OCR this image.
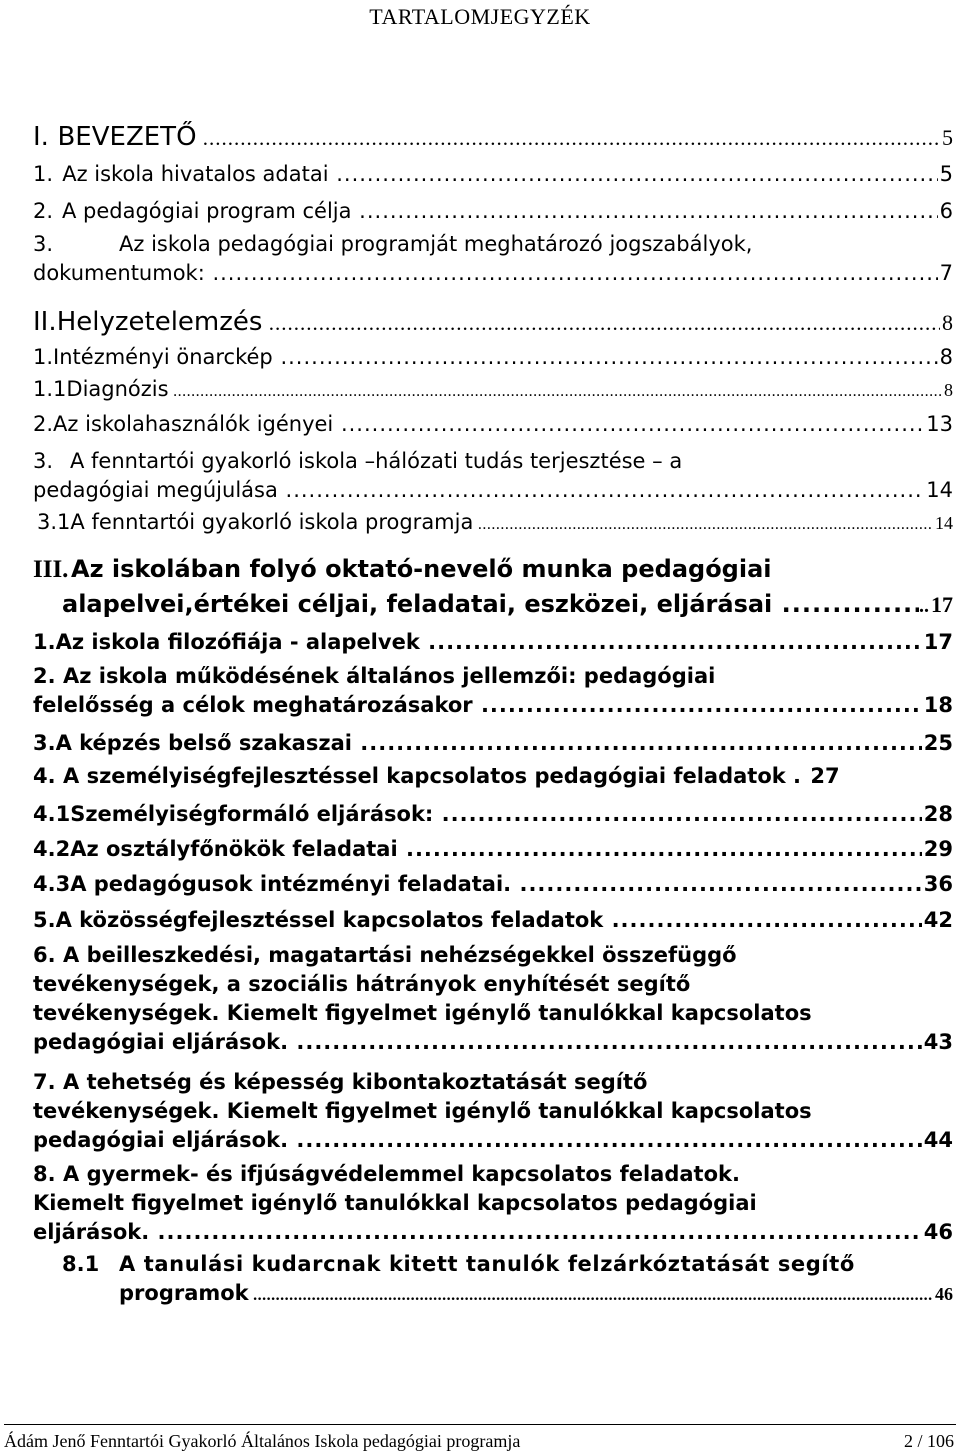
TARTALOMJEGYZÉK
I. BEVEZETŐ .....	5
1. Az iskola hivatalos adatai .....	5
2. A pedagógiai program célja .....	6
3.	Az iskola pedagógiai programját meghatározó jogszabályok,
dokumentumok: .....	7
II. Helyzetelemzés .....	8
1. Intézményi önarckép .....	8
1.1 Diagnózis .....	8
2. Az iskolahasználók igényei .....	13
3. A fenntartói gyakorló iskola –hálózati tudás terjesztése – a
pedagógiai megújulása .....	14
3.1 A fenntartói gyakorló iskola programja .....	14
III. Az iskolában folyó oktató-nevelő munka pedagógiai
alapelvei,értékei céljai, feladatai, eszközei, eljárásai .....	.. 17
1. Az iskola filozófiája - alapelvek .....	17
2. Az iskola működésének általános jellemzői: pedagógiai
felelősség a célok meghatározásakor .....	18
3. A képzés belső szakaszai .....	25
4. A személyiségfejlesztéssel kapcsolatos pedagógiai feladatok . 27
4.1 Személyiségformáló eljárások: .....	28
4.2 Az osztályfőnökök feladatai .....	29
4.3 A pedagógusok intézményi feladatai. .....	36
5. A közösségfejlesztéssel kapcsolatos feladatok .....	42
6. A beilleszkedési, magatartási nehézségekkel összefüggő
tevékenységek, a szociális hátrányok enyhítését segítő
tevékenységek. Kiemelt figyelmet igénylő tanulókkal kapcsolatos
pedagógiai eljárások. .....	43
7. A tehetség és képesség kibontakoztatását segítő
tevékenységek. Kiemelt figyelmet igénylő tanulókkal kapcsolatos
pedagógiai eljárások. .....	44
8. A gyermek- és ifjúságvédelemmel kapcsolatos feladatok.
Kiemelt figyelmet igénylő tanulókkal kapcsolatos pedagógiai
eljárások. .....	46
8.1 A tanulási kudarcnak kitett tanulók felzárkóztatását segítő
programok .....	46
Ádám Jenő Fenntartói Gyakorló Általános Iskola pedagógiai programja	2 / 106
